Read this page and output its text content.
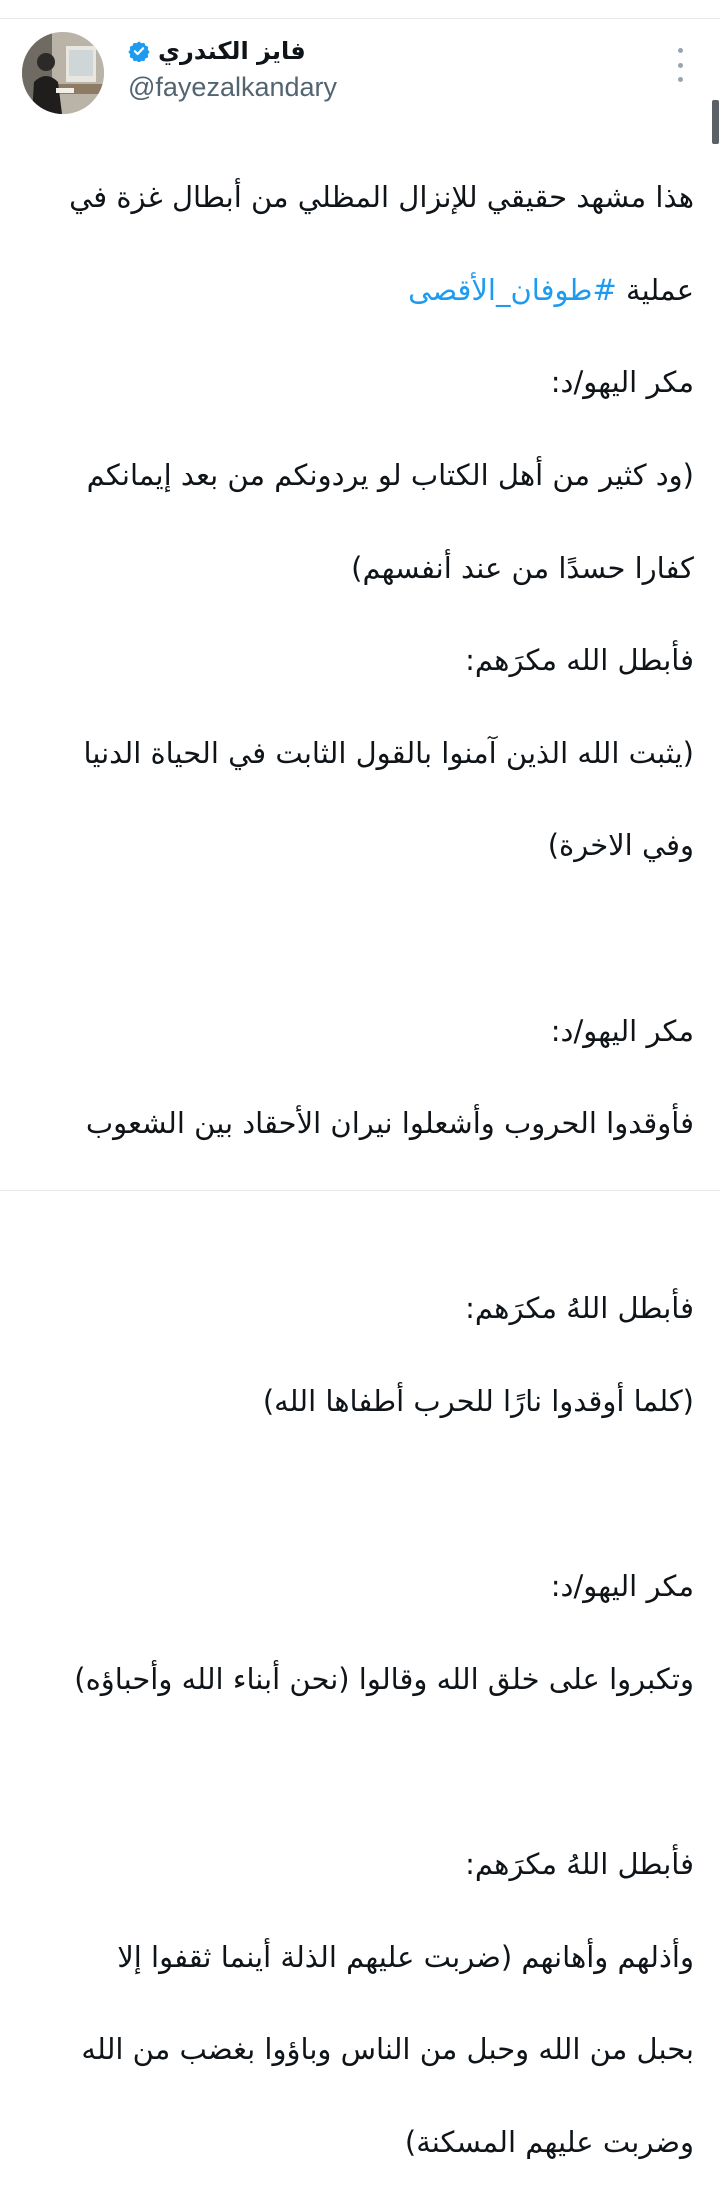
فايز الكندري
@fayezalkandary

هذا مشهد حقيقي للإنزال المظلي من أبطال غزة في

عملية #طوفان_الأقصى

مكر اليهو/د:

(ود كثير من أهل الكتاب لو يردونكم من بعد إيمانكم

كفارا حسدًا من عند أنفسهم)

فأبطل الله مكرَهم:

(يثبت الله الذين آمنوا بالقول الثابت في الحياة الدنيا

وفي الاخرة)

مكر اليهو/د:

فأوقدوا الحروب وأشعلوا نيران الأحقاد بين الشعوب

فأبطل اللهُ مكرَهم:

(كلما أوقدوا نارًا للحرب أطفاها الله)

مكر اليهو/د:

وتكبروا على خلق الله وقالوا (نحن أبناء الله وأحباؤه)

فأبطل اللهُ مكرَهم:

وأذلهم وأهانهم (ضربت عليهم الذلة أينما ثقفوا إلا

بحبل من الله وحبل من الناس وباؤوا بغضب من الله

وضربت عليهم المسكنة)
